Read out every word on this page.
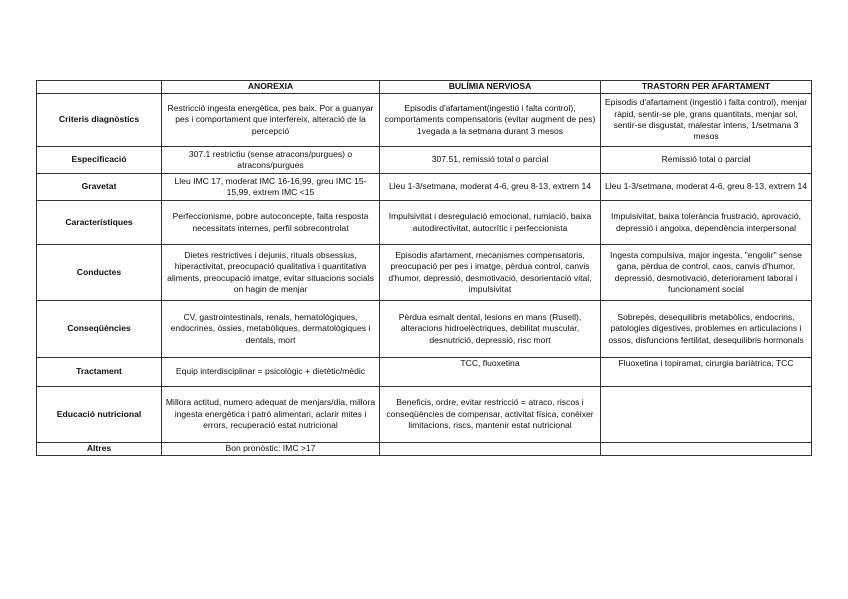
	ANOREXIA	BULÍMIA NERVIOSA	TRASTORN PER AFARTAMENT
Criteris diagnòstics	Restricció ingesta energètica, pes baix. Por a guanyar pes i comportament que interfereix, alteració de la percepció	Episodis d'afartament(ingestió i falta control), comportaments compensatoris (evitar augment de pes) 1vegada a la setmana durant 3 mesos	Episodis d'afartament (ingestió i falta control), menjar ràpid, sentir-se ple, grans quantitats, menjar sol, sentir-se disgustat, malestar intens, 1/setmana 3 mesos
Especificació	307.1 restrictiu (sense atracons/purgues) o atracons/purgues	307.51, remissió total o parcial	Remissió total o parcial
Gravetat	Lleu IMC 17, moderat IMC 16-16,99, greu IMC 15-15,99, extrem IMC <15	Lleu 1-3/setmana, moderat 4-6, greu 8-13, extrem 14	Lleu 1-3/setmana, moderat 4-6, greu 8-13, extrem 14
Característiques	Perfeccionisme, pobre autoconcepte, falta resposta necessitats internes, perfil sobrecontrolat	Impulsivitat i desregulació emocional, rumiació, baixa autodirectivitat, autocrític i perfeccionista	Impulsivitat, baixa tolerància frustració, aprovació, depressió i angoixa, dependència interpersonal
Conductes	Dietes restrictives i dejunis, rituals obsessius, hiperactivitat, preocupació qualitativa i quantitativa aliments, preocupació imatge, evitar situacions socials on hagin de menjar	Episodis afartament, mecanismes compensatoris, preocupació per pes i imatge, pèrdua control, canvis d'humor, depressió, desmotivació, desorientació vital, impulsivitat	Ingesta compulsiva, major ingesta, "engolir" sense gana, pèrdua de control, caos, canvis d'humor, depressió, desmotivació, deteriorament laboral i funcionament social
Conseqüències	CV, gastrointestinals, renals, hematològiques, endocrines, òssies, metabòliques, dermatològiques i dentals, mort	Pèrdua esmalt dental, lesions en mans (Rusell), alteracions hidroelèctriques, debilitat muscular, desnutrició, depressió, risc mort	Sobrepès, desequilibris metabòlics, endocrins, patologies digestives, problemes en articulacions i ossos, disfuncions fertilitat, desequilibris hormonals
Tractament	Equip interdisciplinar = psicològic + dietètic/mèdic	TCC, fluoxetina	Fluoxetina i topiramat, cirurgia bariàtrica, TCC
Educació nutricional	Millora actitud, numero adequat de menjars/dia, millora ingesta energètica i patró alimentari, aclarir mites i errors, recuperació estat nutricional	Beneficis, ordre, evitar restricció = atraco, riscos i conseqüències de compensar, activitat física, conèixer limitacions, riscs, mantenir estat nutricional	
Altres	Bon pronòstic: IMC >17		
